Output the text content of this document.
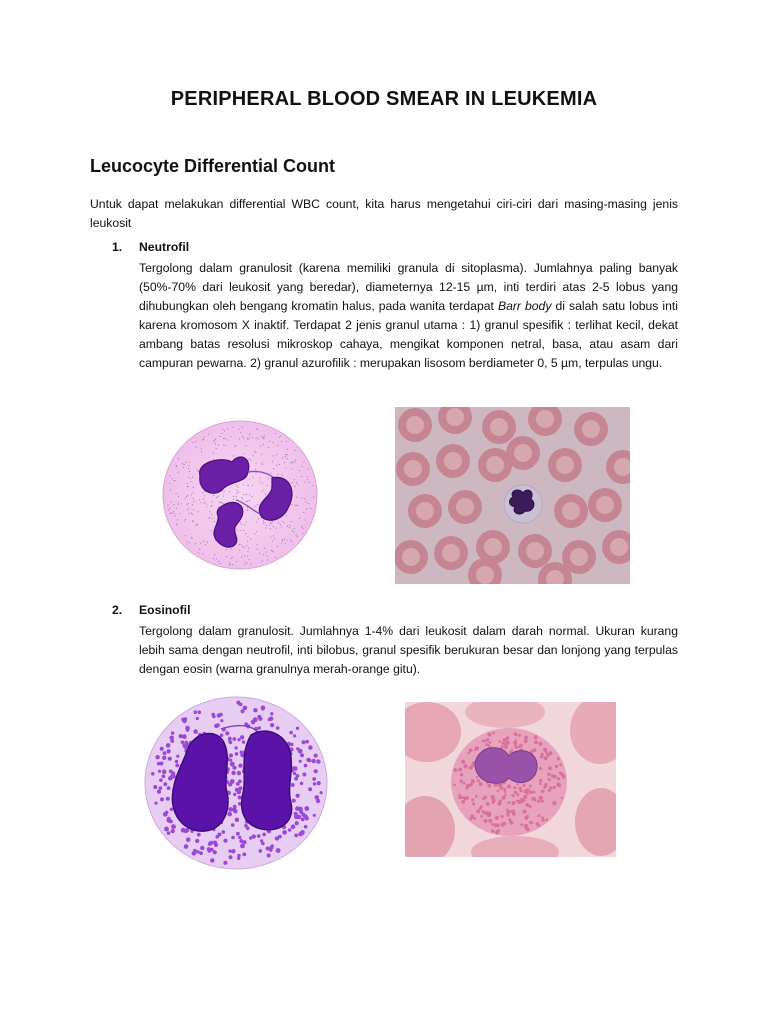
PERIPHERAL BLOOD SMEAR IN LEUKEMIA
Leucocyte Differential Count
Untuk dapat melakukan differential WBC count, kita harus mengetahui ciri-ciri dari masing-masing jenis leukosit
1. Neutrofil
Tergolong dalam granulosit (karena memiliki granula di sitoplasma). Jumlahnya paling banyak (50%-70% dari leukosit yang beredar), diameternya 12-15 µm, inti terdiri atas 2-5 lobus yang dihubungkan oleh bengang kromatin halus, pada wanita terdapat Barr body di salah satu lobus inti karena kromosom X inaktif. Terdapat 2 jenis granul utama : 1) granul spesifik : terlihat kecil, dekat ambang batas resolusi mikroskop cahaya, mengikat komponen netral, basa, atau asam dari campuran pewarna. 2) granul azurofilik : merupakan lisosom berdiameter 0, 5 µm, terpulas ungu.
2. Eosinofil
Tergolong dalam granulosit. Jumlahnya 1-4% dari leukosit dalam darah normal. Ukuran kurang lebih sama dengan neutrofil, inti bilobus, granul spesifik berukuran besar dan lonjong yang terpulas dengan eosin (warna granulnya merah-orange gitu).
